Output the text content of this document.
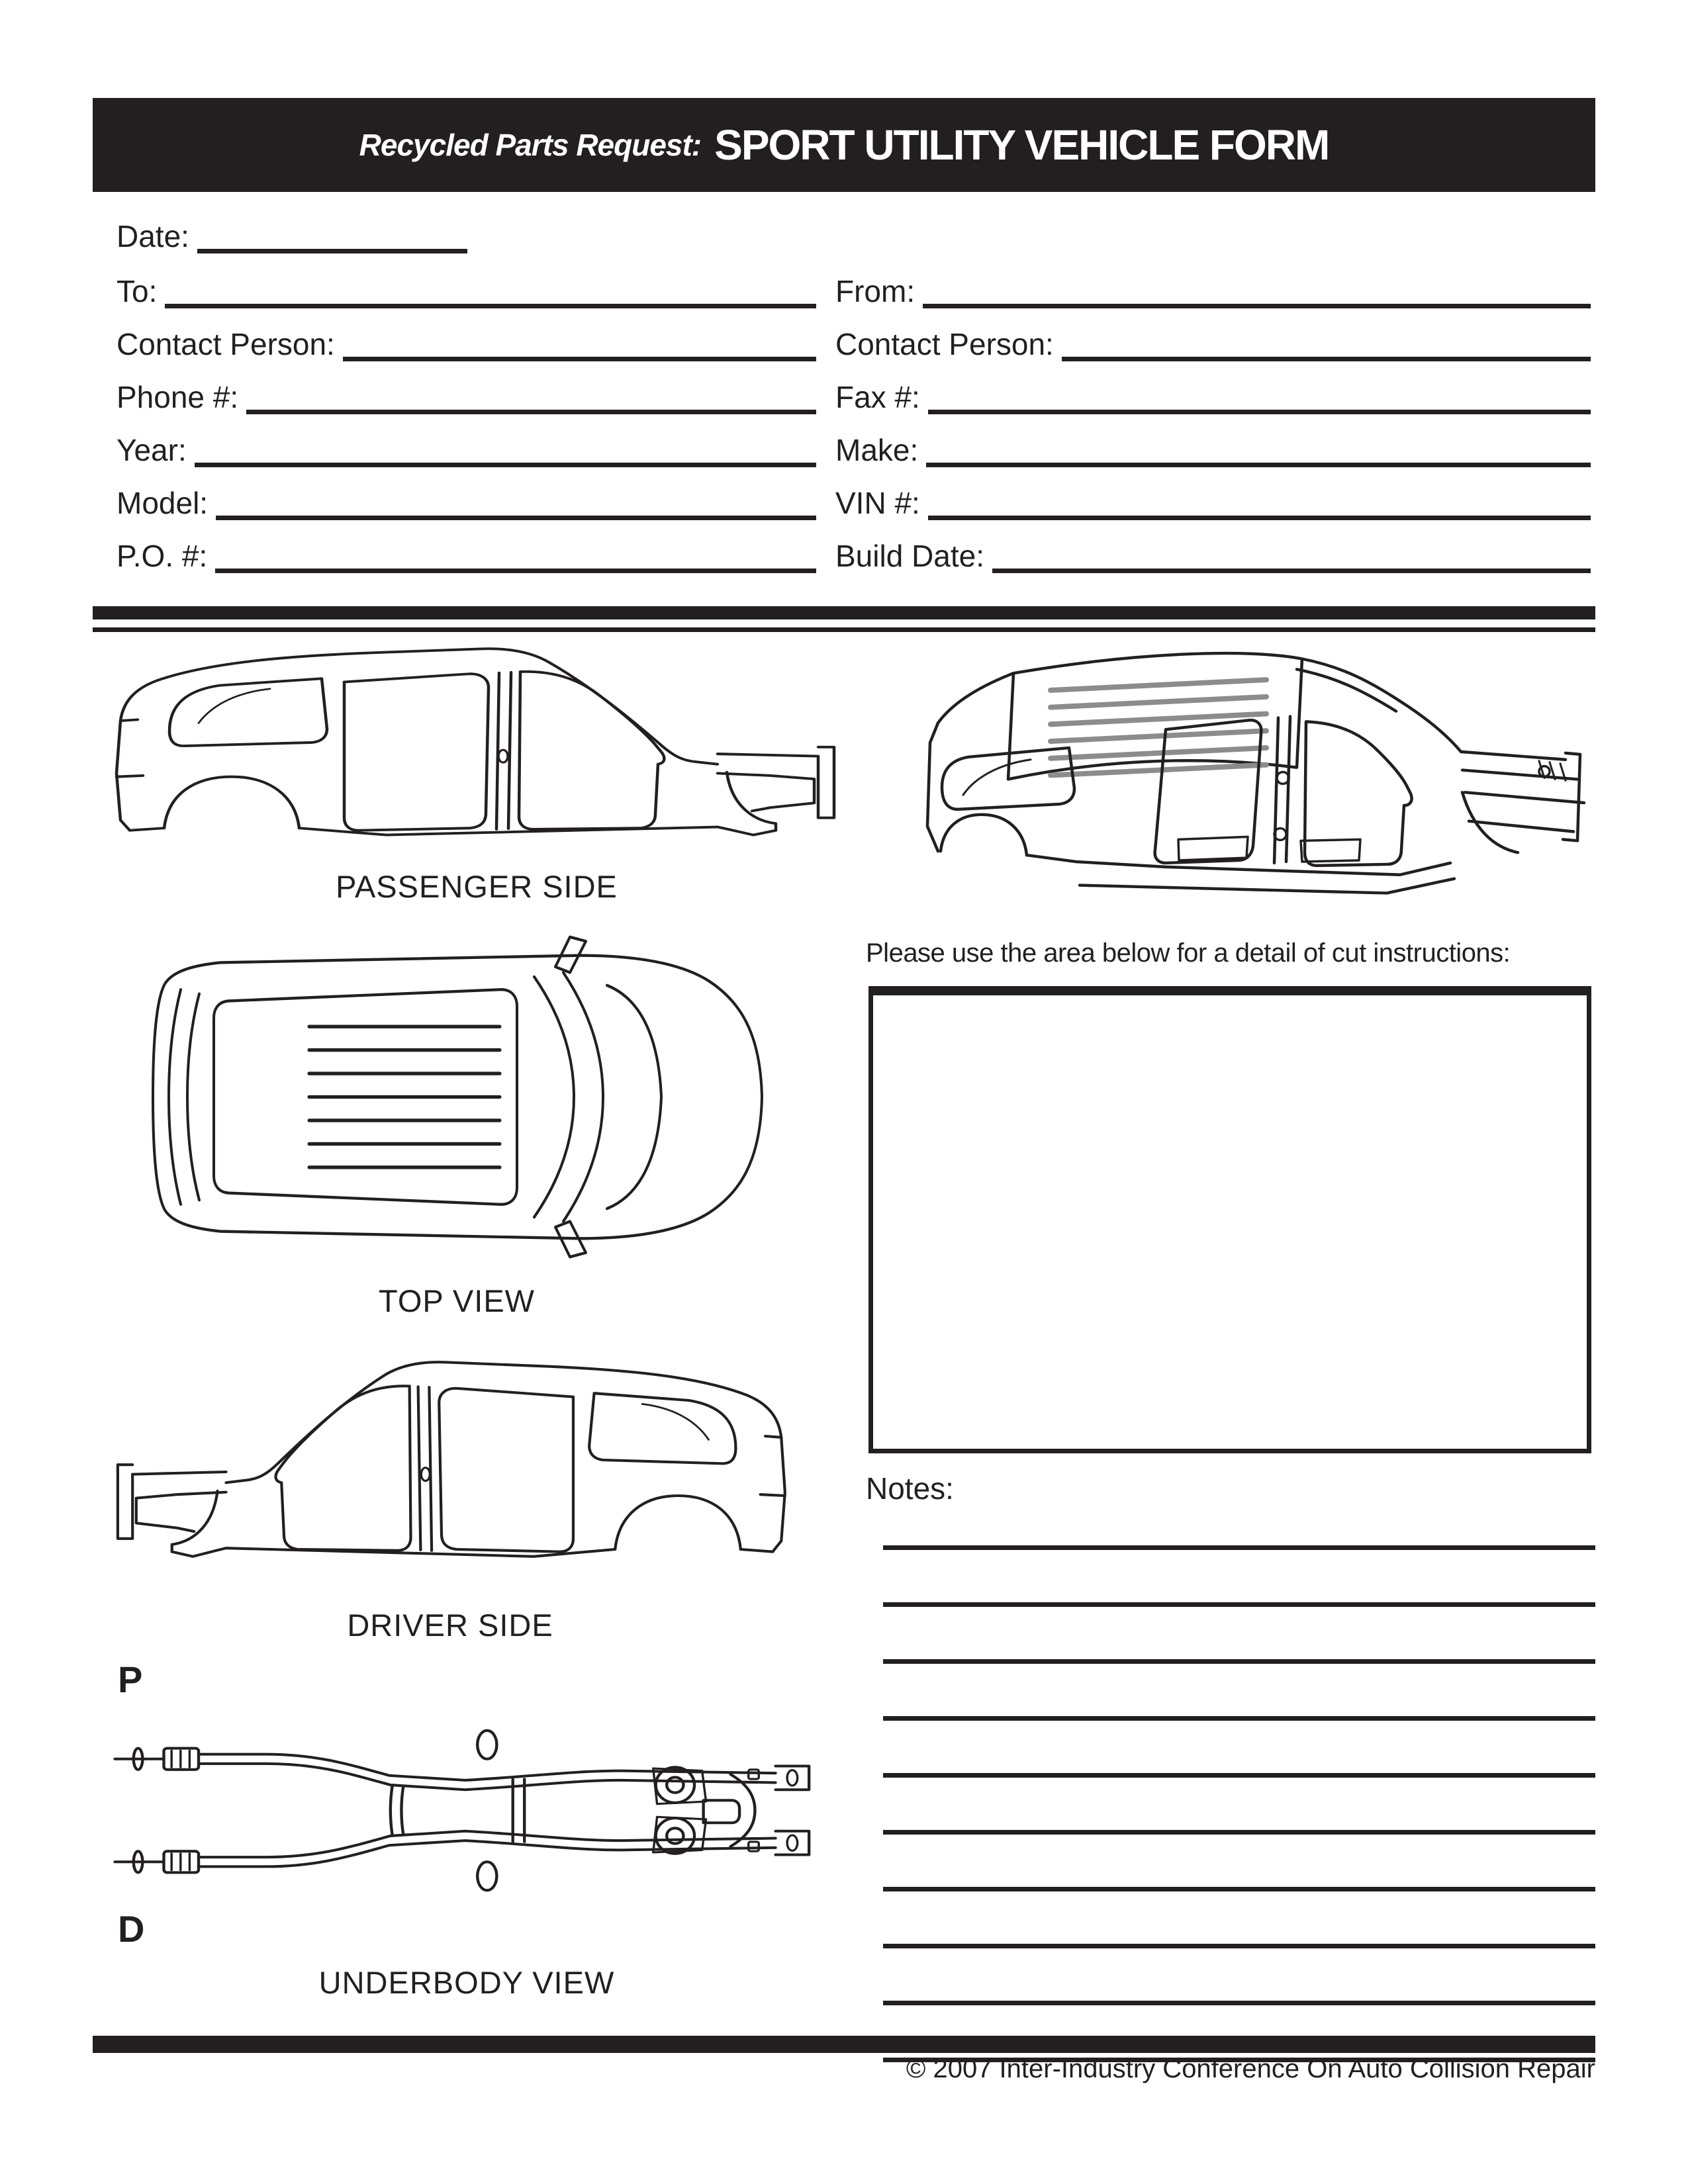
Recycled Parts Request: SPORT UTILITY VEHICLE FORM
Date:
To:
Contact Person:
Phone #:
Year:
Model:
P.O. #:
From:
Contact Person:
Fax #:
Make:
VIN #:
Build Date:
PASSENGER SIDE
TOP VIEW
DRIVER SIDE
P
D
UNDERBODY VIEW
Please use the area below for a detail of cut instructions:
Notes:
© 2007 Inter-Industry Conference On Auto Collision Repair
